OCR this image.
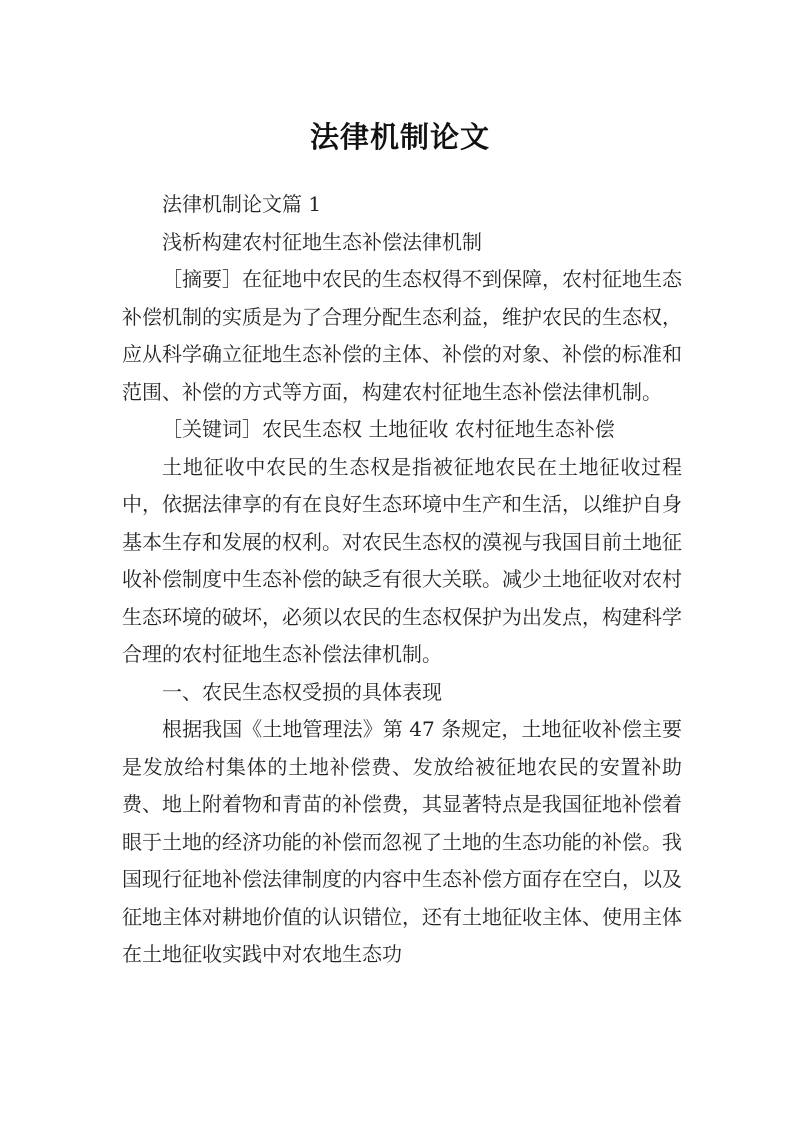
法律机制论文

法律机制论文篇 1

浅析构建农村征地生态补偿法律机制

［摘要］在征地中农民的生态权得不到保障，农村征地生态补偿机制的实质是为了合理分配生态利益，维护农民的生态权，应从科学确立征地生态补偿的主体、补偿的对象、补偿的标准和范围、补偿的方式等方面，构建农村征地生态补偿法律机制。

［关键词］农民生态权 土地征收 农村征地生态补偿

土地征收中农民的生态权是指被征地农民在土地征收过程中，依据法律享的有在良好生态环境中生产和生活，以维护自身基本生存和发展的权利。对农民生态权的漠视与我国目前土地征收补偿制度中生态补偿的缺乏有很大关联。减少土地征收对农村生态环境的破坏，必须以农民的生态权保护为出发点，构建科学合理的农村征地生态补偿法律机制。

一、农民生态权受损的具体表现

根据我国《土地管理法》第 47 条规定，土地征收补偿主要是发放给村集体的土地补偿费、发放给被征地农民的安置补助费、地上附着物和青苗的补偿费，其显著特点是我国征地补偿着眼于土地的经济功能的补偿而忽视了土地的生态功能的补偿。我国现行征地补偿法律制度的内容中生态补偿方面存在空白，以及征地主体对耕地价值的认识错位，还有土地征收主体、使用主体在土地征收实践中对农地生态功
